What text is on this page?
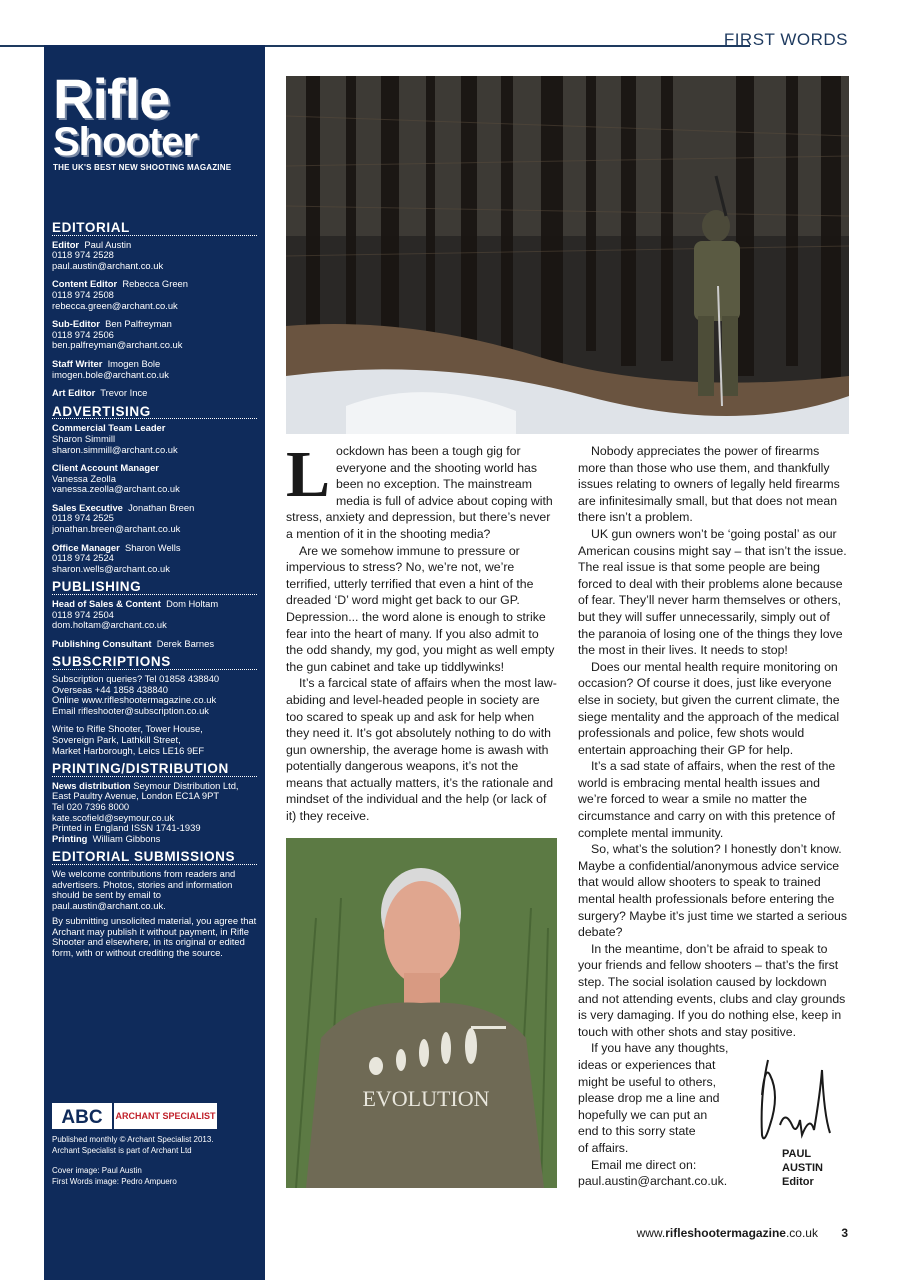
FIRST WORDS
Rifle
Shooter
THE UK'S BEST NEW SHOOTING MAGAZINE
EDITORIAL
Editor Paul Austin
0118 974 2528
paul.austin@archant.co.uk
Content Editor Rebecca Green
0118 974 2508
rebecca.green@archant.co.uk
Sub-Editor Ben Palfreyman
0118 974 2506
ben.palfreyman@archant.co.uk
Staff Writer Imogen Bole
imogen.bole@archant.co.uk
Art Editor Trevor Ince
ADVERTISING
Commercial Team Leader
Sharon Simmill
sharon.simmill@archant.co.uk
Client Account Manager
Vanessa Zeolla
vanessa.zeolla@archant.co.uk
Sales Executive Jonathan Breen
0118 974 2525
jonathan.breen@archant.co.uk
Office Manager Sharon Wells
0118 974 2524
sharon.wells@archant.co.uk
PUBLISHING
Head of Sales & Content Dom Holtam
0118 974 2504
dom.holtam@archant.co.uk
Publishing Consultant Derek Barnes
SUBSCRIPTIONS
Subscription queries? Tel 01858 438840
Overseas +44 1858 438840
Online www.rifleshootermagazine.co.uk
Email rifleshooter@subscription.co.uk
Write to Rifle Shooter, Tower House,
Sovereign Park, Lathkill Street,
Market Harborough, Leics LE16 9EF
PRINTING/DISTRIBUTION
News distribution Seymour Distribution Ltd, East Paultry Avenue, London EC1A 9PT
Tel 020 7396 8000
kate.scofield@seymour.co.uk
Printed in England ISSN 1741-1939
Printing William Gibbons
EDITORIAL SUBMISSIONS

We welcome contributions from readers and advertisers. Photos, stories and information should be sent by email to paul.austin@archant.co.uk.

By submitting unsolicited material, you agree that Archant may publish it without payment, in Rifle Shooter and elsewhere, in its original or edited form, with or without crediting the source.

ABC	ARCHANT SPECIALIST

Published monthly © Archant Specialist 2013.
Archant Specialist is part of Archant Ltd

Cover image: Paul Austin
First Words image: Pedro Ampuero

L ockdown has been a tough gig for everyone and the shooting world has been no exception. The mainstream media is full of advice about coping with stress, anxiety and depression, but there’s never a mention of it in the shooting media?

Are we somehow immune to pressure or impervious to stress? No, we’re not, we’re terrified, utterly terrified that even a hint of the dreaded ‘D’ word might get back to our GP. Depression... the word alone is enough to strike fear into the heart of many. If you also admit to the odd shandy, my god, you might as well empty the gun cabinet and take up tiddlywinks!

It’s a farcical state of affairs when the most law-abiding and level-headed people in society are too scared to speak up and ask for help when they need it. It’s got absolutely nothing to do with gun ownership, the average home is awash with potentially dangerous weapons, it’s not the means that actually matters, it’s the rationale and mindset of the individual and the help (or lack of it) they receive.

Nobody appreciates the power of firearms more than those who use them, and thankfully issues relating to owners of legally held firearms are infinitesimally small, but that does not mean there isn’t a problem.

UK gun owners won’t be ‘going postal’ as our American cousins might say – that isn’t the issue. The real issue is that some people are being forced to deal with their problems alone because of fear. They’ll never harm themselves or others, but they will suffer unnecessarily, simply out of the paranoia of losing one of the things they love the most in their lives. It needs to stop!

Does our mental health require monitoring on occasion? Of course it does, just like everyone else in society, but given the current climate, the siege mentality and the approach of the medical professionals and police, few shots would entertain approaching their GP for help.

It’s a sad state of affairs, when the rest of the world is embracing mental health issues and we’re forced to wear a smile no matter the circumstance and carry on with this pretence of complete mental immunity.

So, what’s the solution? I honestly don’t know. Maybe a confidential/anonymous advice service that would allow shooters to speak to trained mental health professionals before entering the surgery? Maybe it’s just time we started a serious debate?

In the meantime, don’t be afraid to speak to your friends and fellow shooters – that’s the first step. The social isolation caused by lockdown and not attending events, clubs and clay grounds is very damaging. If you do nothing else, keep in touch with other shots and stay positive.

If you have any thoughts,
ideas or experiences that
might be useful to others,
please drop me a line and
hopefully we can put an
end to this sorry state
of affairs.

Email me direct on:

paul.austin@archant.co.uk.

EVOLUTION
PAUL AUSTIN
Editor
www.rifleshootermagazine.co.uk 3
